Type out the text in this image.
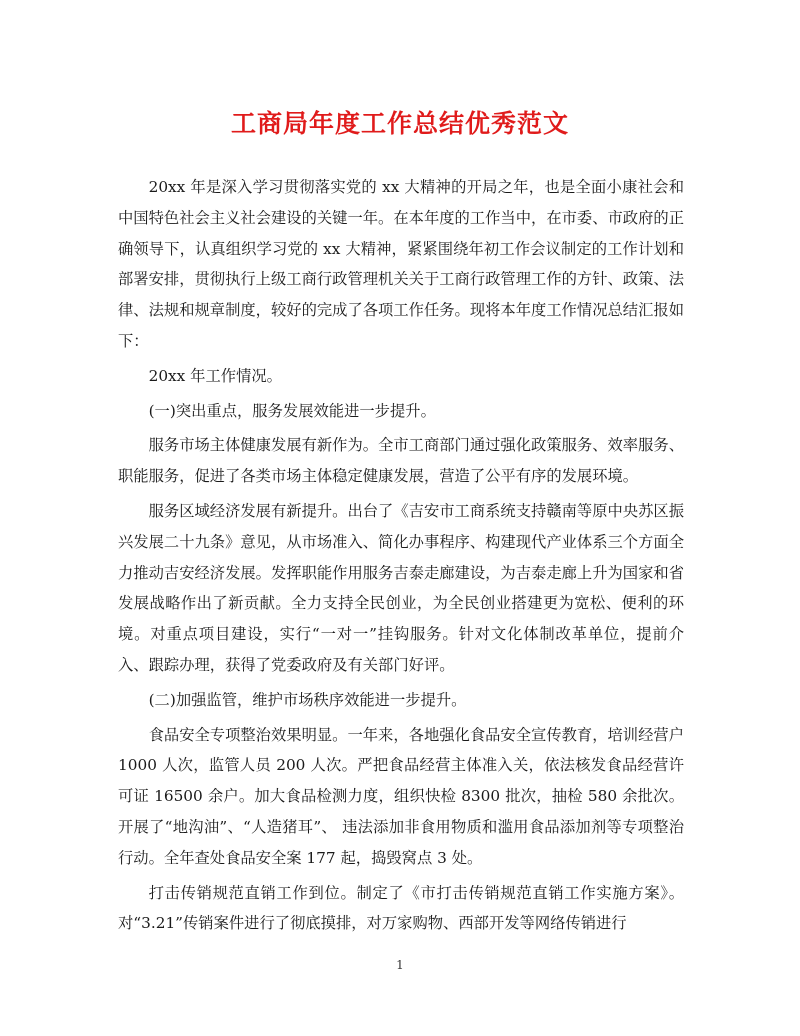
工商局年度工作总结优秀范文

20xx 年是深入学习贯彻落实党的 xx 大精神的开局之年，也是全面小康社会和中国特色社会主义社会建设的关键一年。在本年度的工作当中，在市委、市政府的正确领导下，认真组织学习党的 xx 大精神，紧紧围绕年初工作会议制定的工作计划和部署安排，贯彻执行上级工商行政管理机关关于工商行政管理工作的方针、政策、法律、法规和规章制度，较好的完成了各项工作任务。现将本年度工作情况总结汇报如下：

20xx 年工作情况。

(一)突出重点，服务发展效能进一步提升。

服务市场主体健康发展有新作为。全市工商部门通过强化政策服务、效率服务、职能服务，促进了各类市场主体稳定健康发展，营造了公平有序的发展环境。

服务区域经济发展有新提升。出台了《吉安市工商系统支持赣南等原中央苏区振兴发展二十九条》意见，从市场准入、简化办事程序、构建现代产业体系三个方面全力推动吉安经济发展。发挥职能作用服务吉泰走廊建设，为吉泰走廊上升为国家和省发展战略作出了新贡献。全力支持全民创业，为全民创业搭建更为宽松、便利的环境。对重点项目建设，实行“一对一”挂钩服务。针对文化体制改革单位，提前介入、跟踪办理，获得了党委政府及有关部门好评。

(二)加强监管，维护市场秩序效能进一步提升。

食品安全专项整治效果明显。一年来，各地强化食品安全宣传教育，培训经营户 1000 人次，监管人员 200 人次。严把食品经营主体准入关，依法核发食品经营许可证 16500 余户。加大食品检测力度，组织快检 8300 批次，抽检 580 余批次。开展了“地沟油”、“人造猪耳”、 违法添加非食用物质和滥用食品添加剂等专项整治行动。全年查处食品安全案 177 起，捣毁窝点 3 处。

打击传销规范直销工作到位。制定了《市打击传销规范直销工作实施方案》。对“3.21”传销案件进行了彻底摸排，对万家购物、西部开发等网络传销进行

1
